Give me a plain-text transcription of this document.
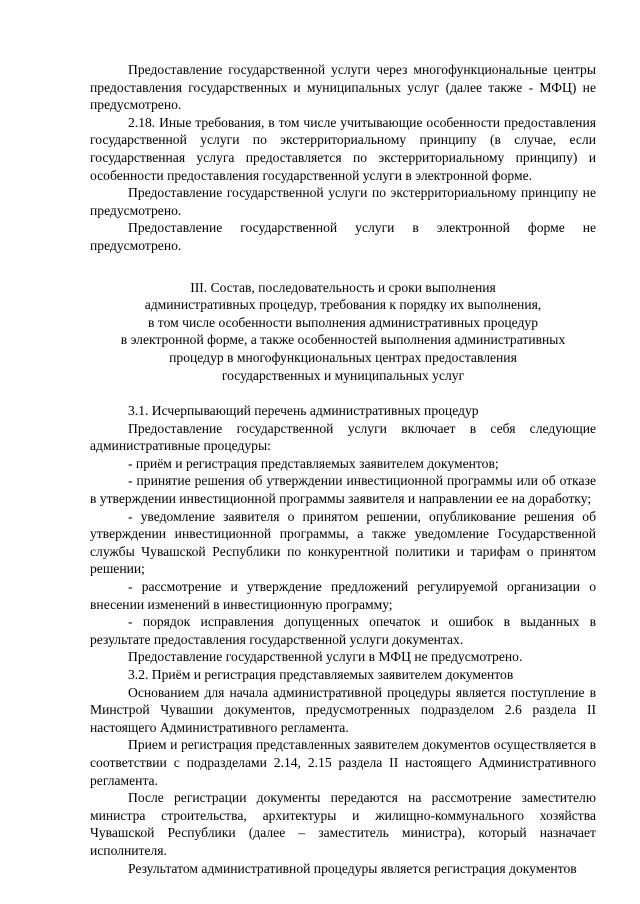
Предоставление государственной услуги через многофункциональные центры предоставления государственных и муниципальных услуг (далее также - МФЦ) не предусмотрено.

2.18. Иные требования, в том числе учитывающие особенности предоставления государственной услуги по экстерриториальному принципу (в случае, если государственная услуга предоставляется по экстерриториальному принципу) и особенности предоставления государственной услуги в электронной форме.

Предоставление государственной услуги по экстерриториальному принципу не предусмотрено.

Предоставление государственной услуги в электронной форме не предусмотрено.

III. Состав, последовательность и сроки выполнения
административных процедур, требования к порядку их выполнения,
в том числе особенности выполнения административных процедур
в электронной форме, а также особенностей выполнения административных
процедур в многофункциональных центрах предоставления
государственных и муниципальных услуг

3.1. Исчерпывающий перечень административных процедур

Предоставление государственной услуги включает в себя следующие административные процедуры:

- приём и регистрация представляемых заявителем документов;

- принятие решения об утверждении инвестиционной программы или об отказе в утверждении инвестиционной программы заявителя и направлении ее на доработку;

- уведомление заявителя о принятом решении, опубликование решения об утверждении инвестиционной программы, а также уведомление Государственной службы Чувашской Республики по конкурентной политики и тарифам о принятом решении;

- рассмотрение и утверждение предложений регулируемой организации о внесении изменений в инвестиционную программу;

- порядок исправления допущенных опечаток и ошибок в выданных в результате предоставления государственной услуги документах.

Предоставление государственной услуги в МФЦ не предусмотрено.

3.2. Приём и регистрация представляемых заявителем документов

Основанием для начала административной процедуры является поступление в Минстрой Чувашии документов, предусмотренных подразделом 2.6 раздела II настоящего Административного регламента.

Прием и регистрация представленных заявителем документов осуществляется в соответствии с подразделами 2.14, 2.15 раздела II настоящего Административного регламента.

После регистрации документы передаются на рассмотрение заместителю министра строительства, архитектуры и жилищно-коммунального хозяйства Чувашской Республики (далее – заместитель министра), который назначает исполнителя.

Результатом административной процедуры является регистрация документов
